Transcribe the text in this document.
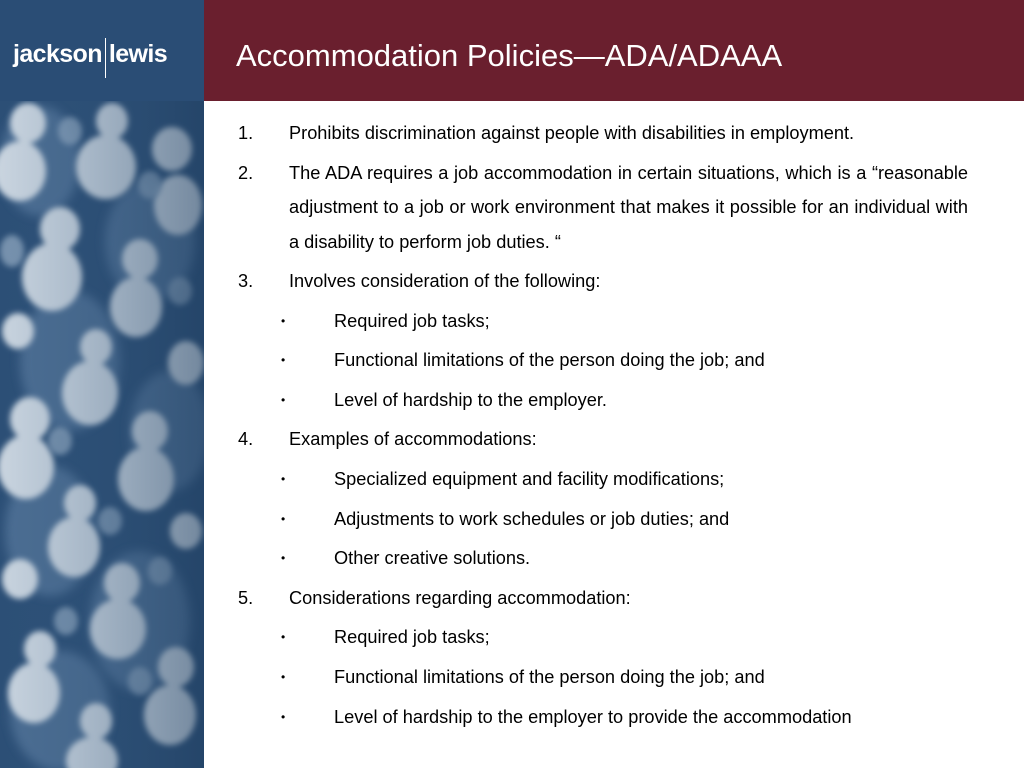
jackson lewis Accommodation Policies—ADA/ADAAA
1.	Prohibits discrimination against people with disabilities in employment.
2.	The ADA requires a job accommodation in certain situations, which is a “reasonable adjustment to a job or work environment that makes it possible for an individual with a disability to perform job duties. “
3.	Involves consideration of the following:
•	Required job tasks;
•	Functional limitations of the person doing the job; and
•	Level of hardship to the employer.
4.	Examples of accommodations:
•	Specialized equipment and facility modifications;
•	Adjustments to work schedules or job duties; and
•	Other creative solutions.
5.	Considerations regarding accommodation:
•	Required job tasks;
•	Functional limitations of the person doing the job; and
•	Level of hardship to the employer to provide the accommodation
